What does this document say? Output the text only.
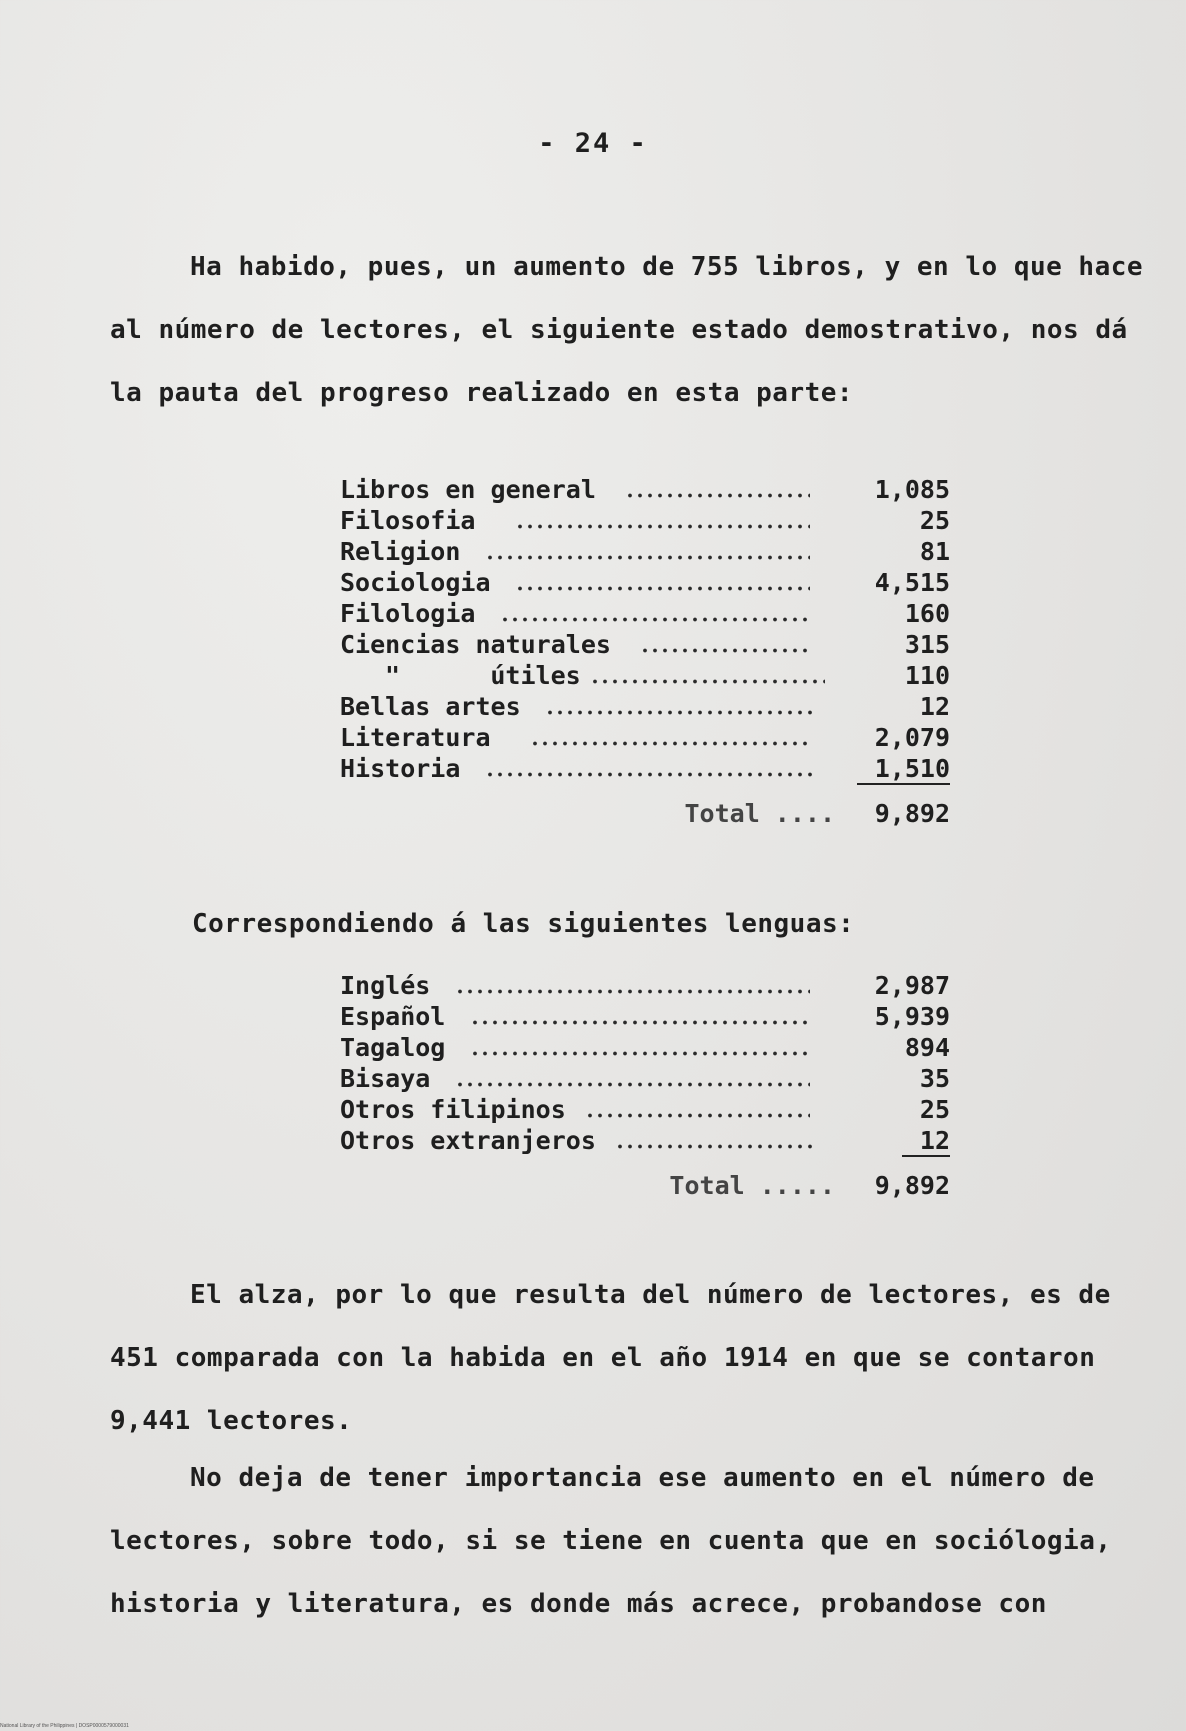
- 24 -
Ha habido, pues, un aumento de 755 libros, y en lo que hace
al número de lectores, el siguiente estado demostrativo, nos dá
la pauta del progreso realizado en esta parte:
Libros en general	1,085
Filosofia	25
Religion	81
Sociologia	4,515
Filologia	160
Ciencias naturales	315
"      útiles	110
Bellas artes	12
Literatura	2,079
Historia	1,510
Total .... 9,892
Correspondiendo á las siguientes lenguas:
Inglés	2,987
Español	5,939
Tagalog	894
Bisaya	35
Otros filipinos	25
Otros extranjeros	12
Total ..... 9,892
El alza, por lo que resulta del número de lectores, es de
451 comparada con la habida en el año 1914 en que se contaron
9,441 lectores.
No deja de tener importancia ese aumento en el número de
lectores, sobre todo, si se tiene en cuenta que en sociólogia,
historia y literatura, es donde más acrece, probandose con
National Library of the Philippines | DOSP0000579000031
